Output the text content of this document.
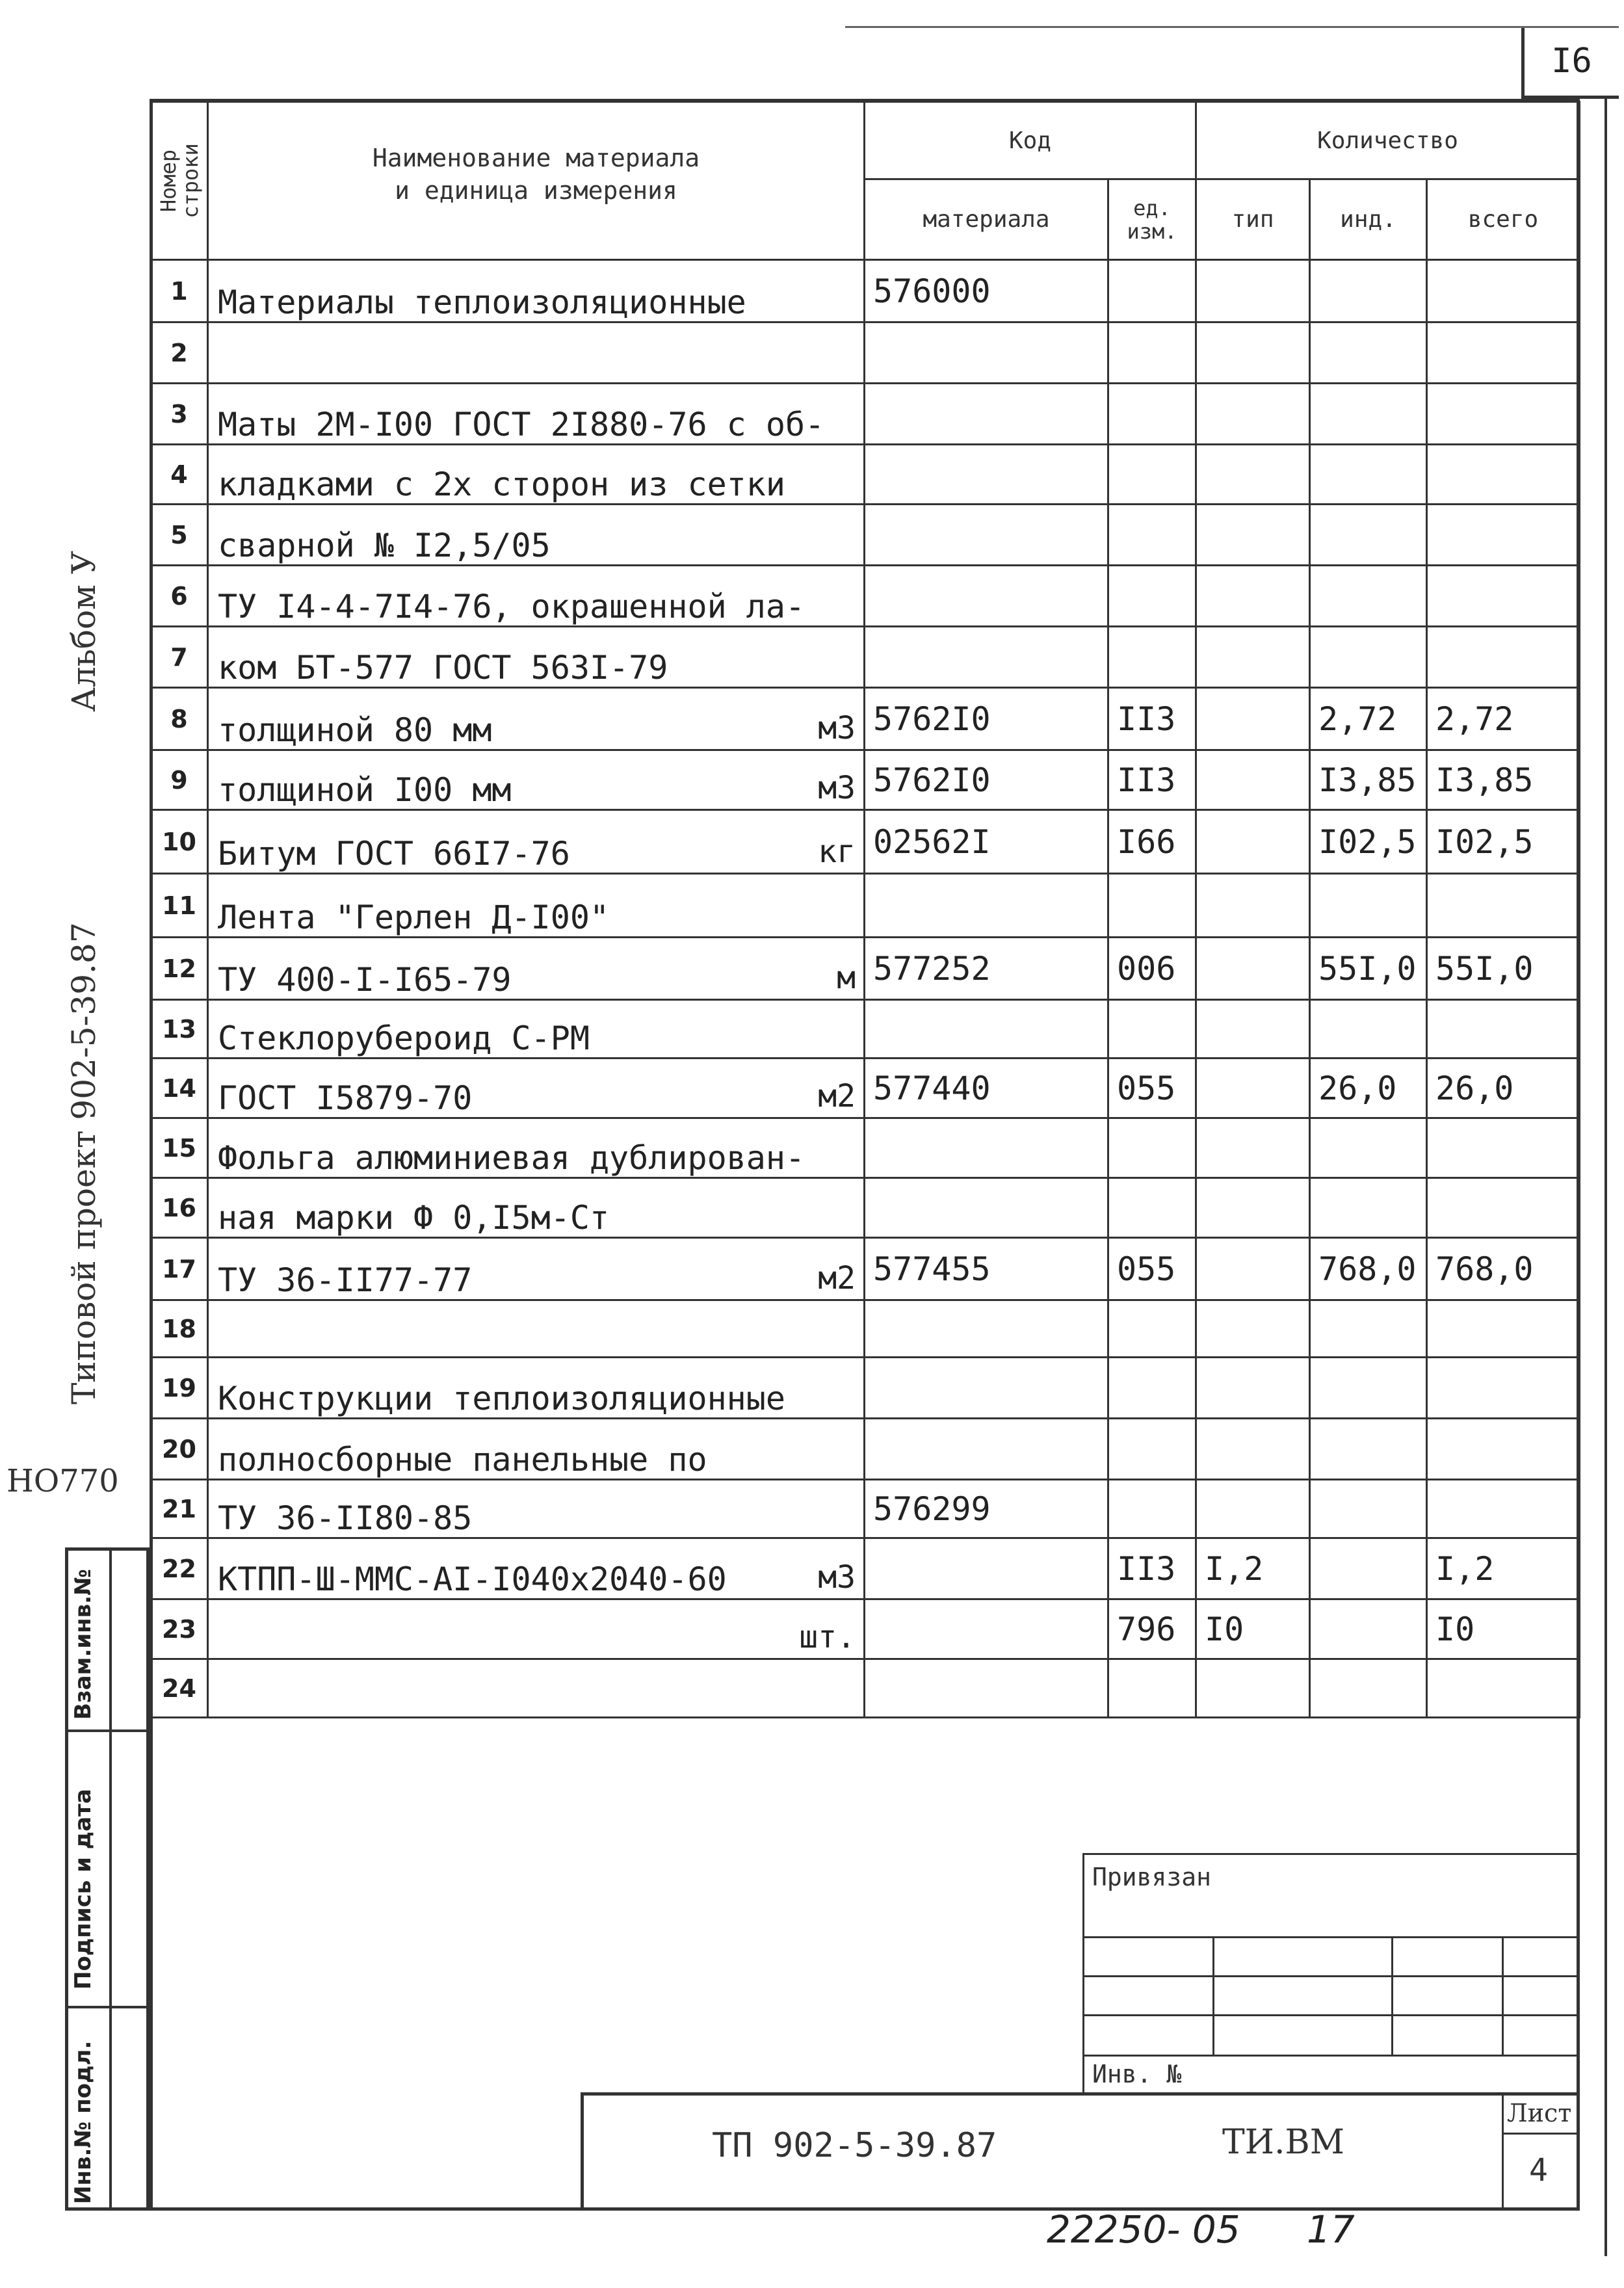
I6
Альбом У
Типовой проект 902-5-39.87
НО770
Взам.инв.№
Подпись и дата
Инв.№ подл.
Номер
строки	Наименование материала
и единица измерения	Код		Количество		
		материала	ед.
изм.	тип	инд.	всего
1	Материалы теплоизоляционные	576000				
2	

3	Маты 2М-I00 ГОСТ 2I880-76 с об-

4	кладками с 2х сторон из сетки

5	сварной № I2,5/05

6	ТУ I4-4-7I4-76, окрашенной ла-

7	ком БТ-577 ГОСТ 563I-79

8	толщиной 80 мм м3	5762I0	II3		2,72	2,72
9	толщиной I00 мм м3	5762I0	II3		I3,85	I3,85
10	Битум ГОСТ 66I7-76 кг	02562I	I66		I02,5	I02,5
11	Лента "Герлен Д-I00"

12	ТУ 400-I-I65-79 м	577252	006		55I,0	55I,0
13	Стеклорубероид С-РМ

14	ГОСТ I5879-70 м2	577440	055		26,0	26,0
15	Фольга алюминиевая дублирован-

16	ная марки Ф 0,I5м-Ст

17	ТУ 36-II77-77 м2	577455	055		768,0	768,0
18	

19	Конструкции теплоизоляционные

20	полносборные панельные по

21	ТУ 36-II80-85	576299				
22	КТПП-Ш-ММС-АI-I040х2040-60 м3		II3	I,2		I,2
23	шт.		796	I0		I0
24	

Привязан
Инв. №
ТП 902-5-39.87	ТИ.ВМ
Лист
4
22250- 05 17
